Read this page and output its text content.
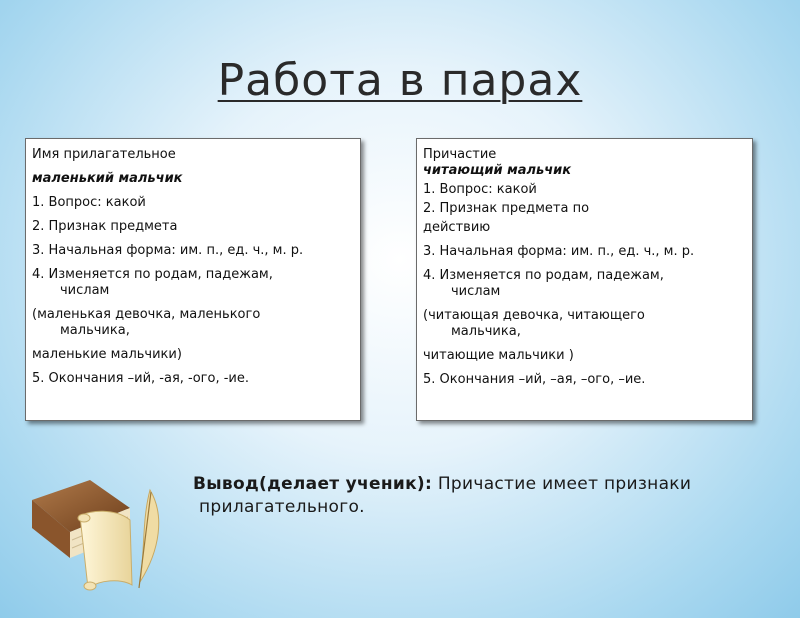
Работа в парах
Имя прилагательное
маленький мальчик
1. Вопрос: какой
2. Признак предмета
3. Начальная форма: им. п., ед. ч., м. р.
4. Изменяется по родам, падежам,
числам
(маленькая девочка, маленького
мальчика,
маленькие мальчики)
5. Окончания –ий, -ая, -ого, -ие.
Причастие
читающий мальчик
1. Вопрос: какой
2. Признак предмета по
действию
3. Начальная форма: им. п., ед. ч., м. р.
4. Изменяется по родам, падежам,
числам
(читающая девочка, читающего
мальчика,
читающие мальчики )
5. Окончания –ий, –ая, –ого, –ие.
Вывод(делает ученик): Причастие имеет признаки
прилагательного.
